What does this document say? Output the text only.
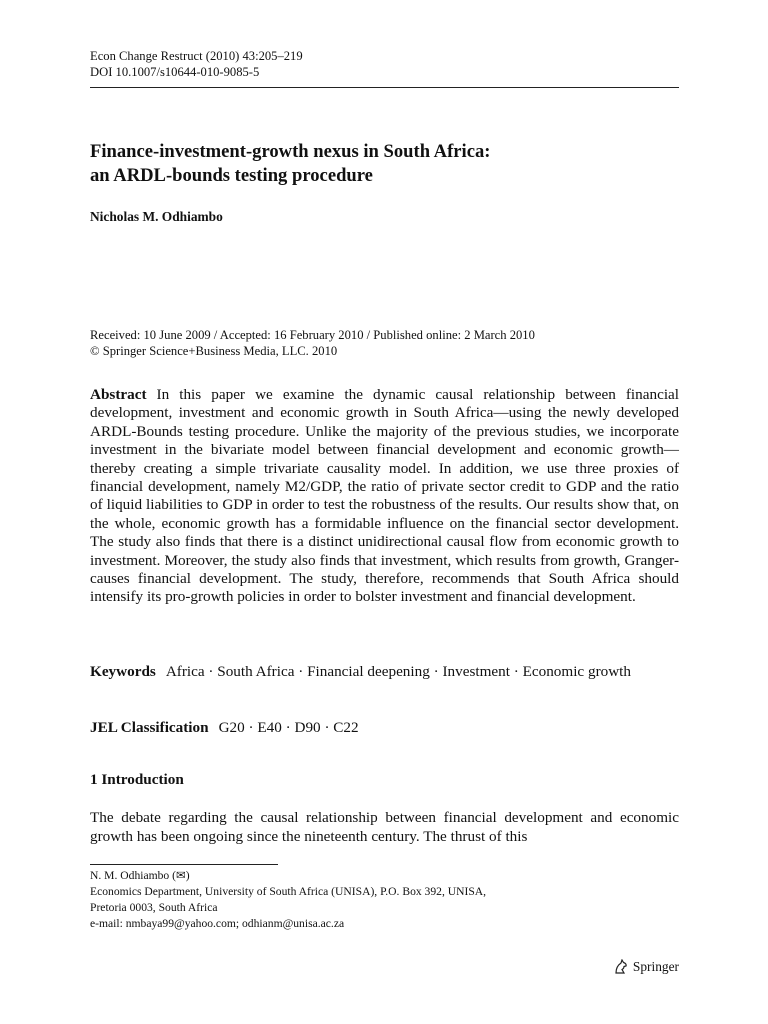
Econ Change Restruct (2010) 43:205–219
DOI 10.1007/s10644-010-9085-5
Finance-investment-growth nexus in South Africa:
an ARDL-bounds testing procedure
Nicholas M. Odhiambo
Received: 10 June 2009 / Accepted: 16 February 2010 / Published online: 2 March 2010
© Springer Science+Business Media, LLC. 2010

Abstract In this paper we examine the dynamic causal relationship between financial development, investment and economic growth in South Africa—using the newly developed ARDL-Bounds testing procedure. Unlike the majority of the previous studies, we incorporate investment in the bivariate model between financial development and economic growth—thereby creating a simple trivariate causality model. In addition, we use three proxies of financial development, namely M2/GDP, the ratio of private sector credit to GDP and the ratio of liquid liabilities to GDP in order to test the robustness of the results. Our results show that, on the whole, economic growth has a formidable influence on the financial sector development. The study also finds that there is a distinct unidirectional causal flow from economic growth to investment. Moreover, the study also finds that investment, which results from growth, Granger-causes financial development. The study, therefore, recommends that South Africa should intensify its pro-growth policies in order to bolster investment and financial development.

Keywords Africa · South Africa · Financial deepening · Investment · Economic growth

JEL Classification G20 · E40 · D90 · C22

1 Introduction

The debate regarding the causal relationship between financial development and economic growth has been ongoing since the nineteenth century. The thrust of this

N. M. Odhiambo (✉)
Economics Department, University of South Africa (UNISA), P.O. Box 392, UNISA,
Pretoria 0003, South Africa
e-mail: nmbaya99@yahoo.com; odhianm@unisa.ac.za
Springer
